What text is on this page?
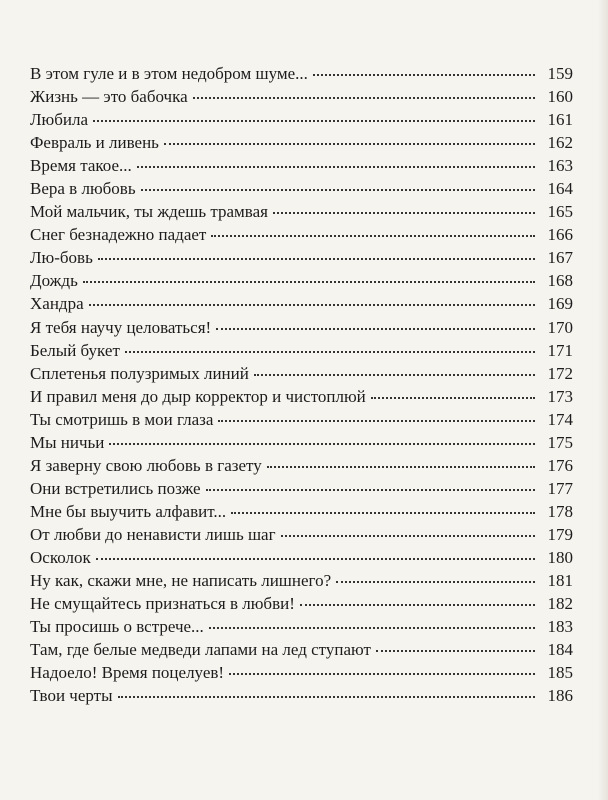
В этом гуле и в этом недобром шуме...	159
Жизнь — это бабочка	160
Любила	161
Февраль и ливень	162
Время такое...	163
Вера в любовь	164
Мой мальчик, ты ждешь трамвая	165
Снег безнадежно падает	166
Лю-бовь	167
Дождь	168
Хандра	169
Я тебя научу целоваться!	170
Белый букет	171
Сплетенья полузримых линий	172
И правил меня до дыр корректор и чистоплюй	173
Ты смотришь в мои глаза	174
Мы ничьи	175
Я заверну свою любовь в газету	176
Они встретились позже	177
Мне бы выучить алфавит...	178
От любви до ненависти лишь шаг	179
Осколок	180
Ну как, скажи мне, не написать лишнего?	181
Не смущайтесь признаться в любви!	182
Ты просишь о встрече...	183
Там, где белые медведи лапами на лед ступают	184
Надоело! Время поцелуев!	185
Твои черты	186
